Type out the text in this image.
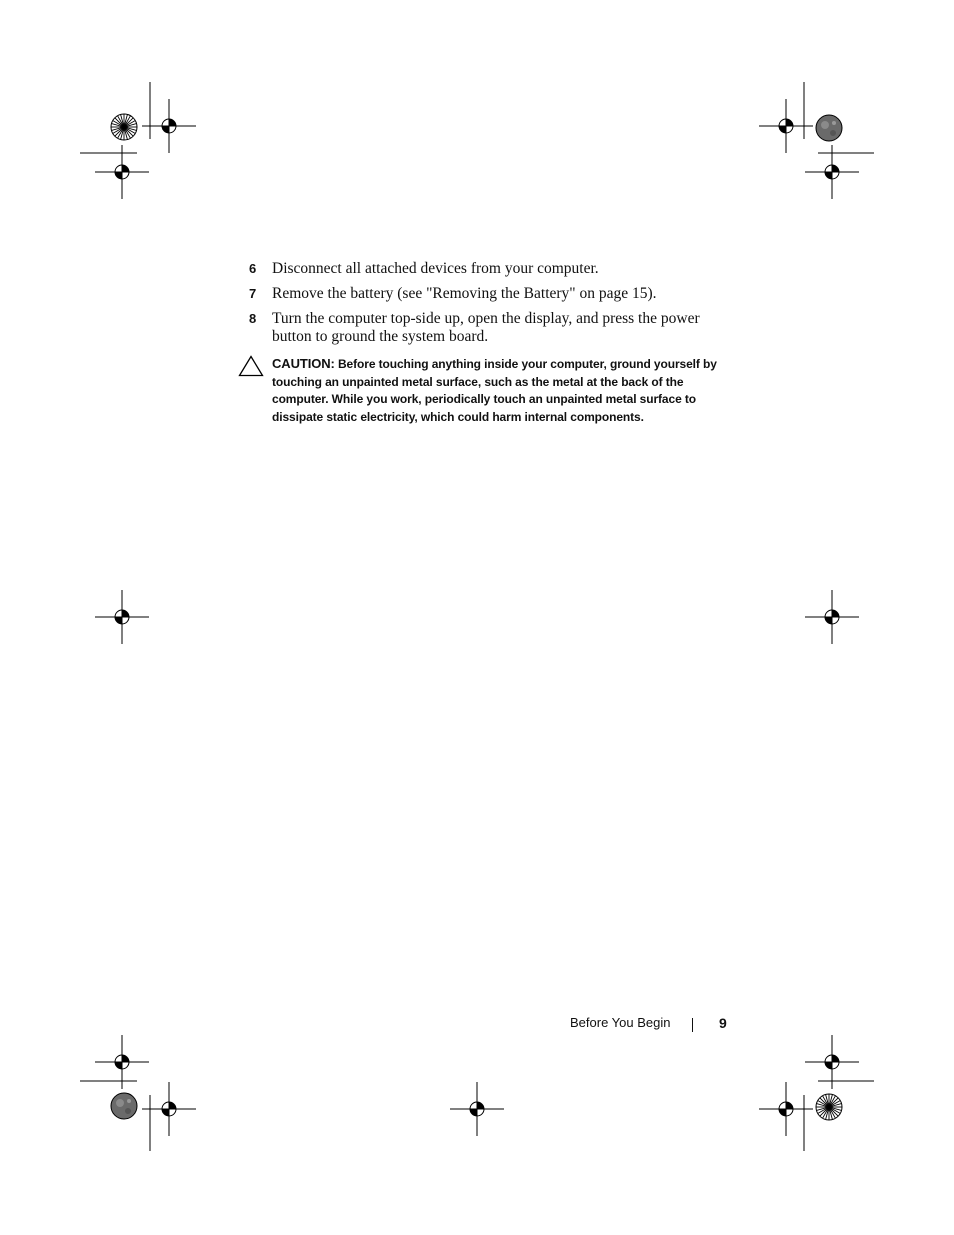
6 Disconnect all attached devices from your computer.
7 Remove the battery (see "Removing the Battery" on page 15).
8 Turn the computer top-side up, open the display, and press the power button to ground the system board.
CAUTION: Before touching anything inside your computer, ground yourself by touching an unpainted metal surface, such as the metal at the back of the computer. While you work, periodically touch an unpainted metal surface to dissipate static electricity, which could harm internal components.
Before You Begin	9
